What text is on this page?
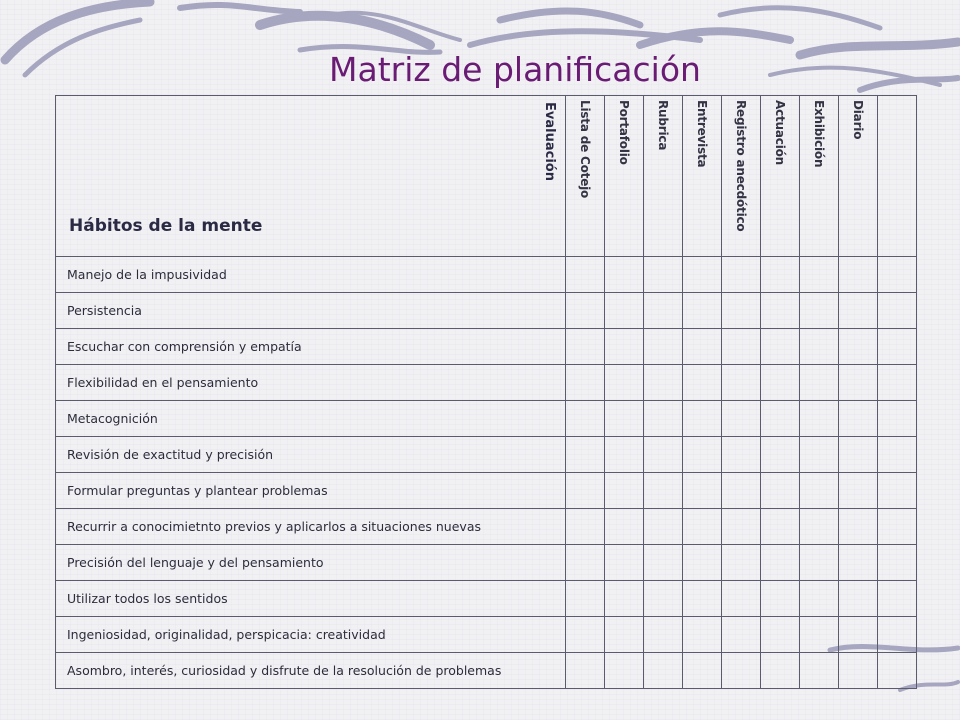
Matriz de planificación
Evaluación
Hábitos de la mente	Lista de Cotejo	Portafolio	Rubrica	Entrevista	Registro anecdótico	Actuación	Exhibición	Diario	
Manejo de la impusividad									
Persistencia									
Escuchar con comprensión y empatía									
Flexibilidad en el pensamiento									
Metacognición									
Revisión de exactitud y precisión									
Formular preguntas y plantear problemas									
Recurrir a conocimietnto previos y aplicarlos a situaciones nuevas									
Precisión del lenguaje y del pensamiento									
Utilizar todos los sentidos									
Ingeniosidad, originalidad, perspicacia: creatividad									
Asombro, interés, curiosidad y disfrute de la resolución de problemas									
